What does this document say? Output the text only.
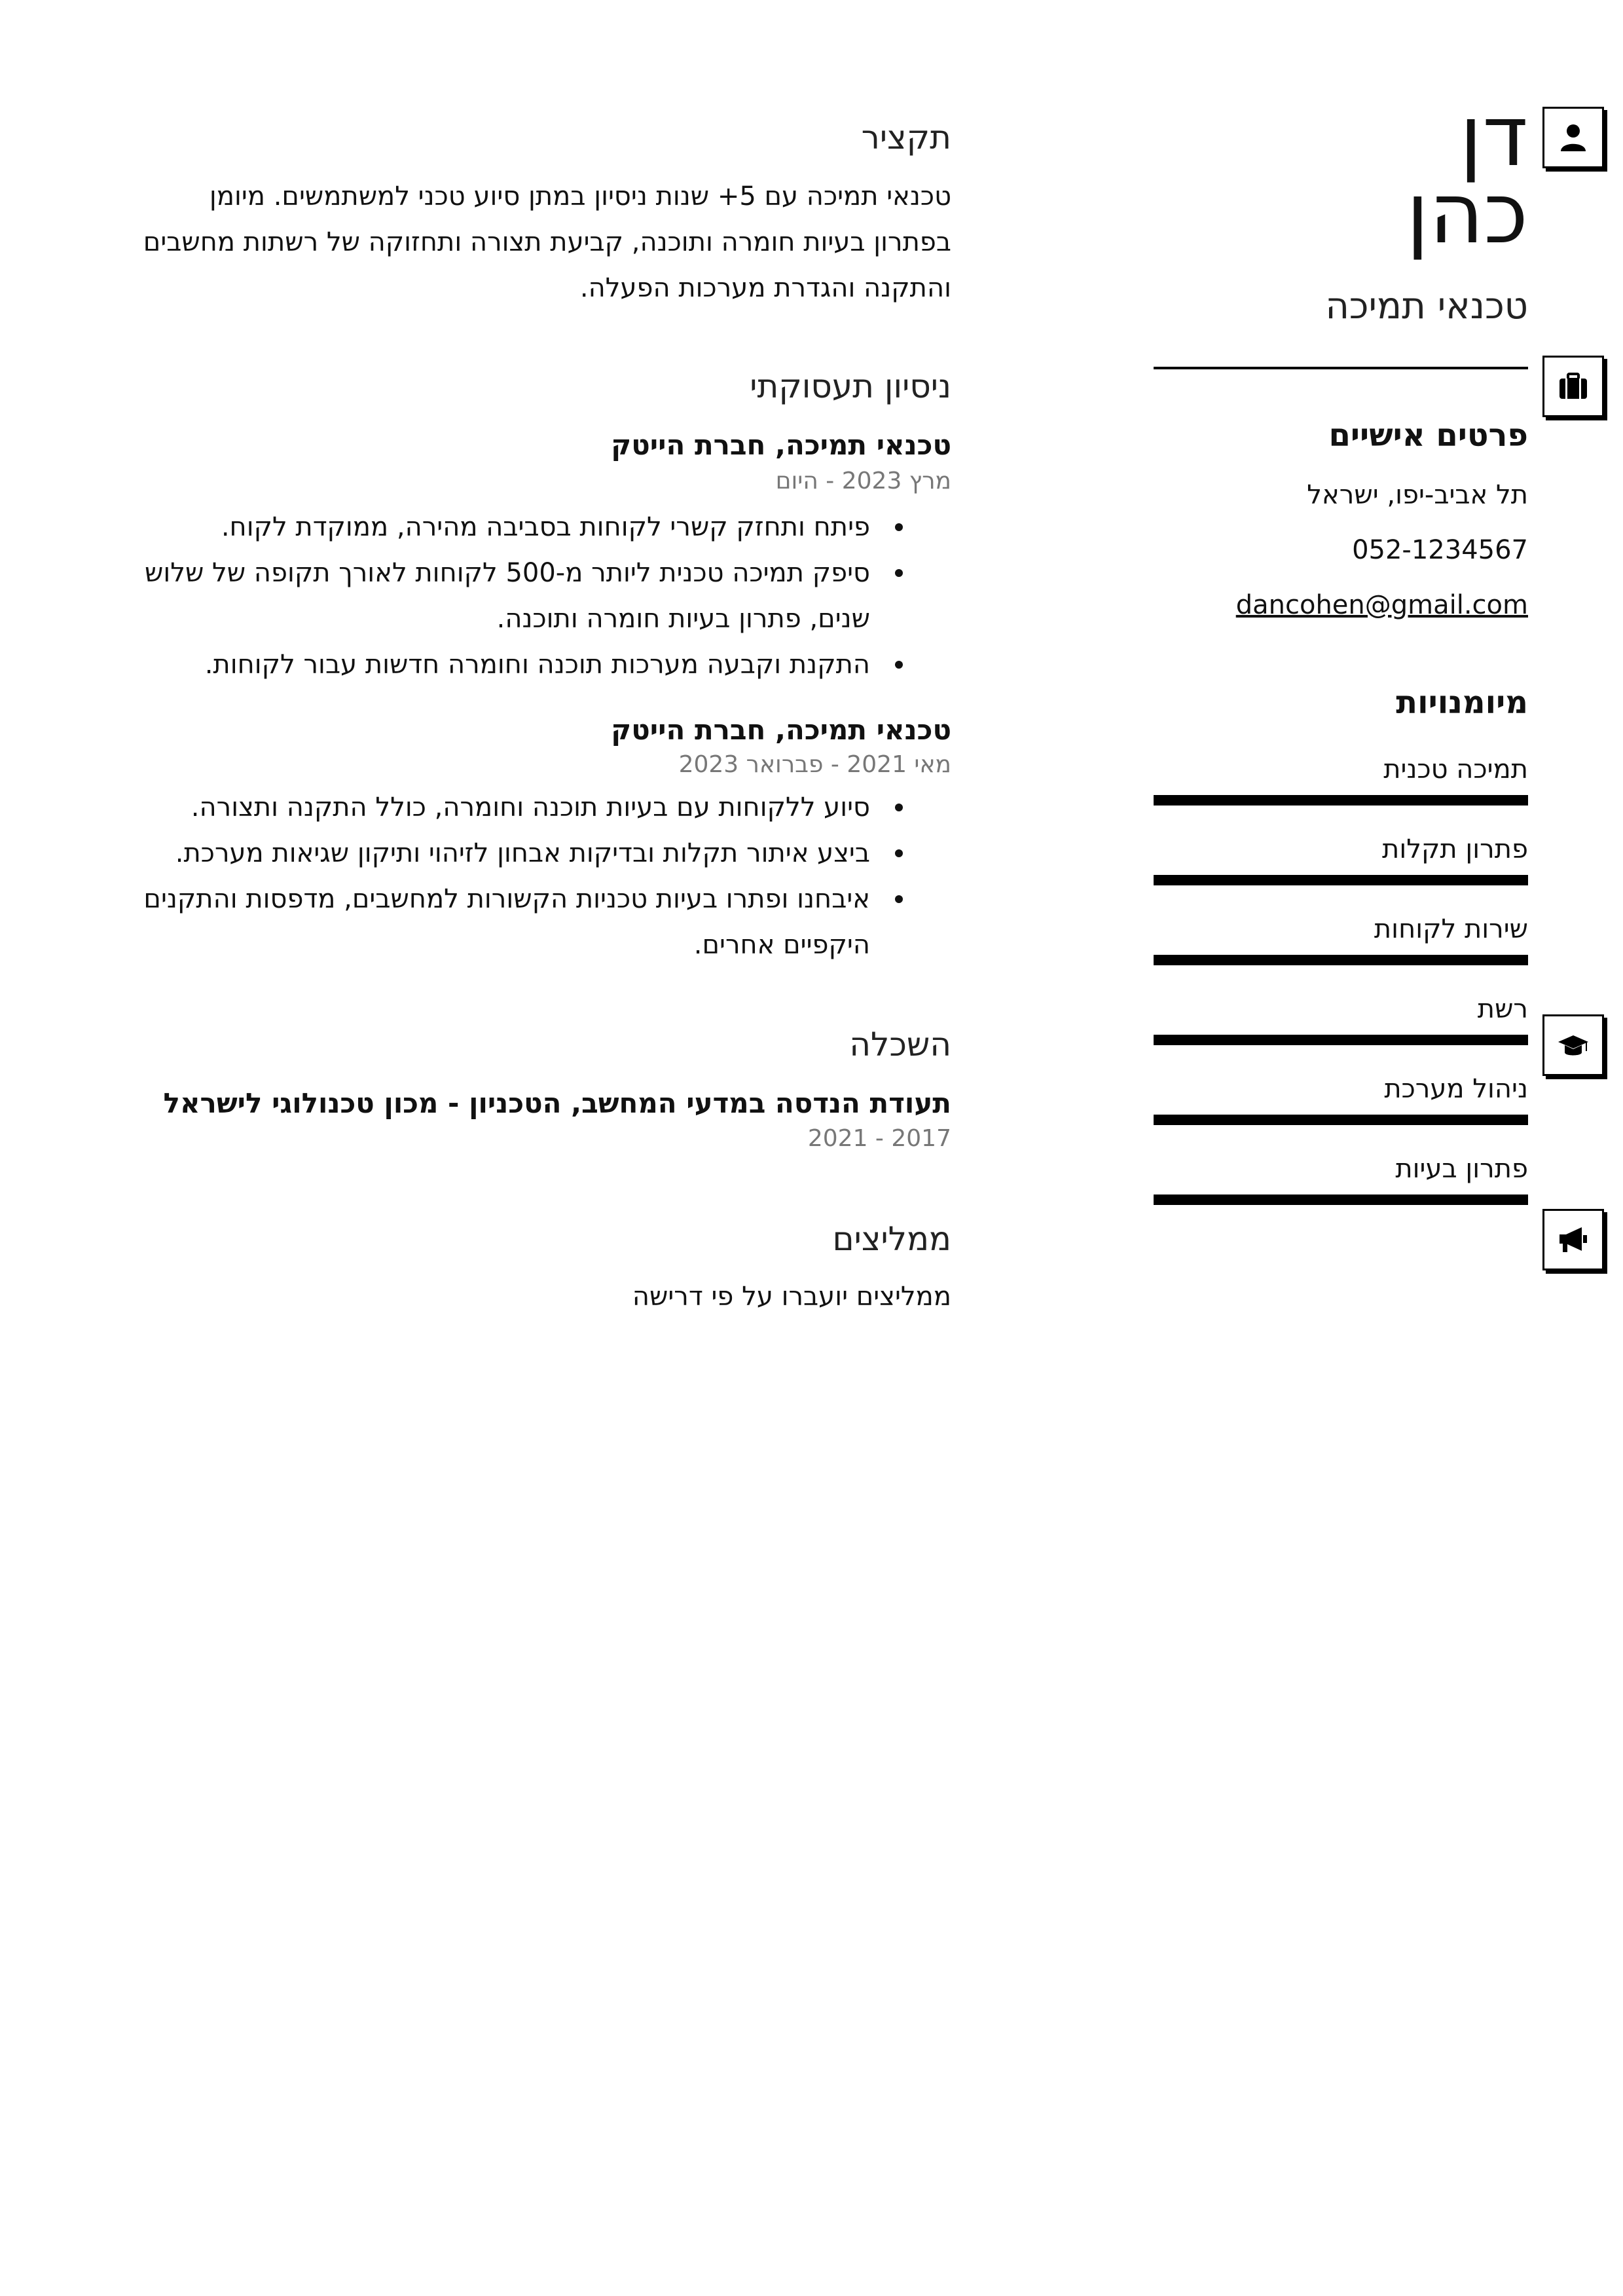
דן
כהן
טכנאי תמיכה
פרטים אישיים
תל אביב-יפו, ישראל
052-1234567
dancohen@gmail.com
מיומנויות
תמיכה טכנית
פתרון תקלות
שירות לקוחות
רשת
ניהול מערכת
פתרון בעיות
תקציר
טכנאי תמיכה עם 5+ שנות ניסיון במתן סיוע טכני למשתמשים. מיומן בפתרון בעיות חומרה ותוכנה, קביעת תצורה ותחזוקה של רשתות מחשבים והתקנה והגדרת מערכות הפעלה.
ניסיון תעסוקתי
טכנאי תמיכה, חברת הייטק
מרץ 2023 - היום
פיתח ותחזק קשרי לקוחות בסביבה מהירה, ממוקדת לקוח.
סיפק תמיכה טכנית ליותר מ-500 לקוחות לאורך תקופה של שלוש שנים, פתרון בעיות חומרה ותוכנה.
התקנת וקבעה מערכות תוכנה וחומרה חדשות עבור לקוחות.
טכנאי תמיכה, חברת הייטק
מאי 2021 - פברואר 2023
סיוע ללקוחות עם בעיות תוכנה וחומרה, כולל התקנה ותצורה.
ביצע איתור תקלות ובדיקות אבחון לזיהוי ותיקון שגיאות מערכת.
איבחנו ופתרו בעיות טכניות הקשורות למחשבים, מדפסות והתקנים היקפיים אחרים.
השכלה
תעודת הנדסה במדעי המחשב, הטכניון - מכון טכנולוגי לישראל
2017 - 2021
ממליצים
ממליצים יועברו על פי דרישה
